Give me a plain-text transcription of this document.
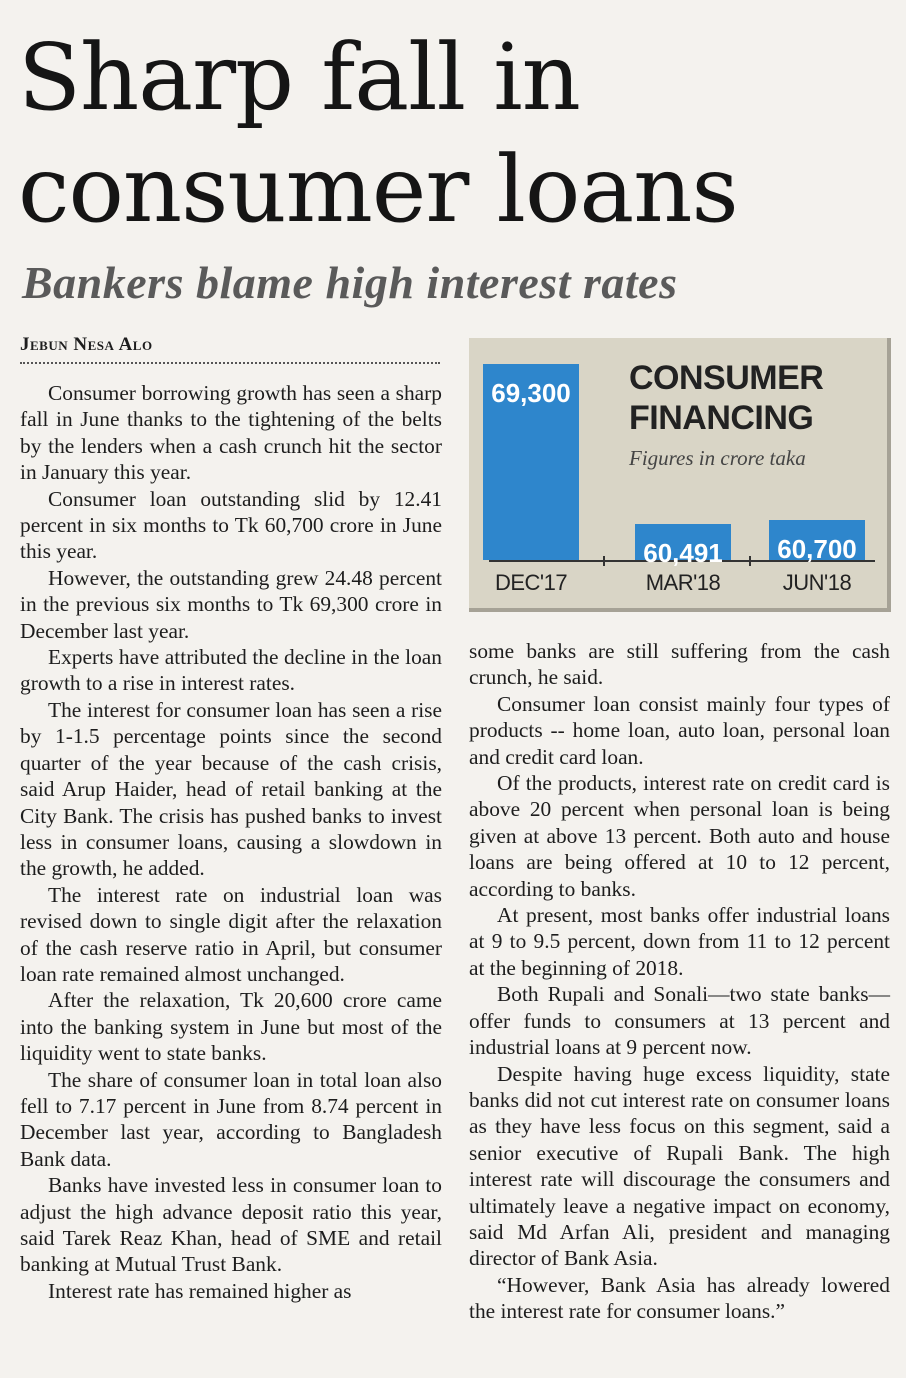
Sharp fall in consumer loans
Bankers blame high interest rates
Jebun Nesa Alo

Consumer borrowing growth has seen a sharp fall in June thanks to the tightening of the belts by the lenders when a cash crunch hit the sector in January this year.

Consumer loan outstanding slid by 12.41 percent in six months to Tk 60,700 crore in June this year.

However, the outstanding grew 24.48 percent in the previous six months to Tk 69,300 crore in December last year.

Experts have attributed the decline in the loan growth to a rise in interest rates.

The interest for consumer loan has seen a rise by 1-1.5 percentage points since the second quarter of the year because of the cash crisis, said Arup Haider, head of retail banking at the City Bank. The crisis has pushed banks to invest less in consumer loans, causing a slowdown in the growth, he added.

The interest rate on industrial loan was revised down to single digit after the relaxation of the cash reserve ratio in April, but consumer loan rate remained almost unchanged.

After the relaxation, Tk 20,600 crore came into the banking system in June but most of the liquidity went to state banks.

The share of consumer loan in total loan also fell to 7.17 percent in June from 8.74 percent in December last year, according to Bangladesh Bank data.

Banks have invested less in consumer loan to adjust the high advance deposit ratio this year, said Tarek Reaz Khan, head of SME and retail banking at Mutual Trust Bank.

Interest rate has remained higher as

CONSUMER FINANCING
Figures in crore taka
69,300
DEC'17
60,491
MAR'18
60,700
JUN'18

some banks are still suffering from the cash crunch, he said.

Consumer loan consist mainly four types of products -- home loan, auto loan, personal loan and credit card loan.

Of the products, interest rate on credit card is above 20 percent when personal loan is being given at above 13 percent. Both auto and house loans are being offered at 10 to 12 percent, according to banks.

At present, most banks offer industrial loans at 9 to 9.5 percent, down from 11 to 12 percent at the beginning of 2018.

Both Rupali and Sonali—two state banks—offer funds to consumers at 13 percent and industrial loans at 9 percent now.

Despite having huge excess liquidity, state banks did not cut interest rate on consumer loans as they have less focus on this segment, said a senior executive of Rupali Bank. The high interest rate will discourage the consumers and ultimately leave a negative impact on economy, said Md Arfan Ali, president and managing director of Bank Asia.

“However, Bank Asia has already lowered the interest rate for consumer loans.”
